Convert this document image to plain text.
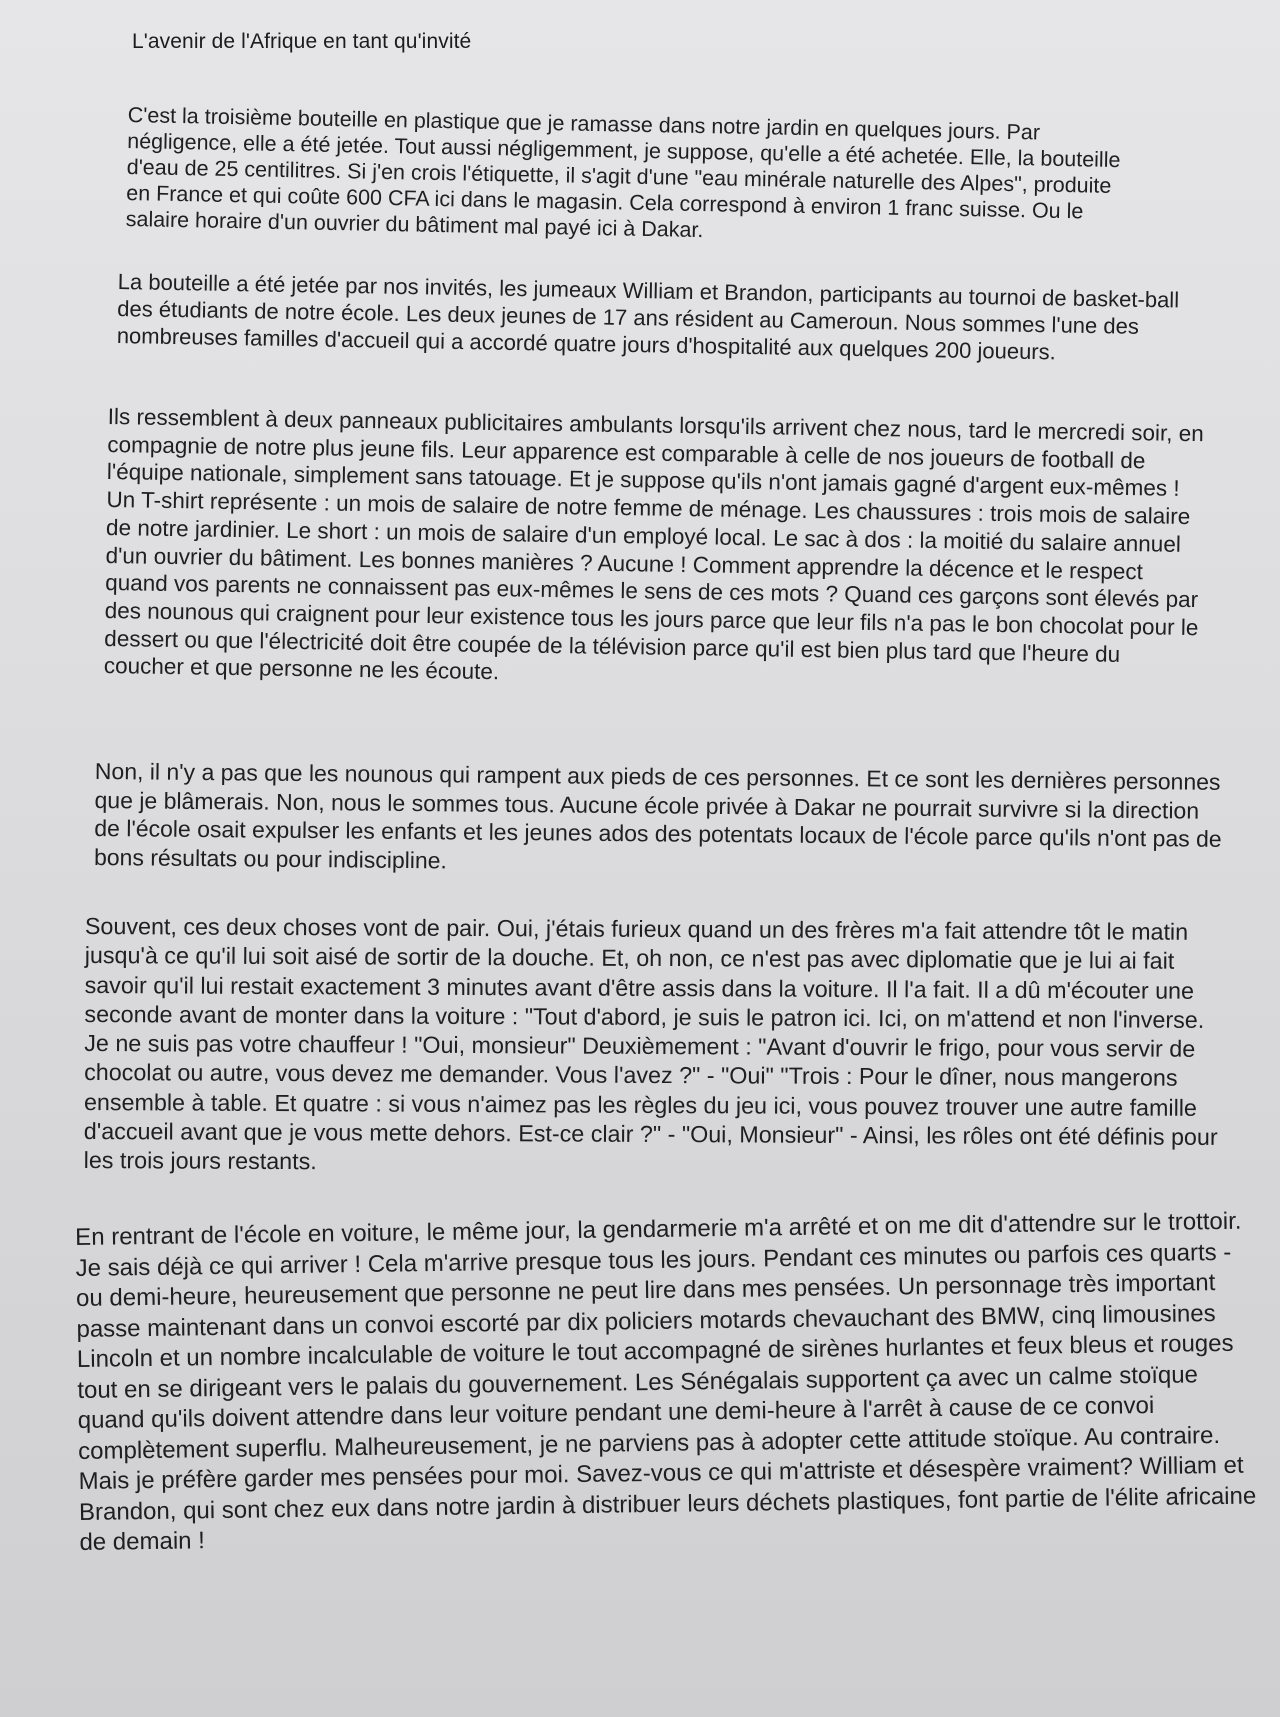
L'avenir de l'Afrique en tant qu'invité

C'est la troisième bouteille en plastique que je ramasse dans notre jardin en quelques jours. Par négligence, elle a été jetée. Tout aussi négligemment, je suppose, qu'elle a été achetée. Elle, la bouteille d'eau de 25 centilitres. Si j'en crois l'étiquette, il s'agit d'une "eau minérale naturelle des Alpes", produite en France et qui coûte 600 CFA ici dans le magasin. Cela correspond à environ 1 franc suisse. Ou le salaire horaire d'un ouvrier du bâtiment mal payé ici à Dakar.

La bouteille a été jetée par nos invités, les jumeaux William et Brandon, participants au tournoi de basket-ball des étudiants de notre école. Les deux jeunes de 17 ans résident au Cameroun. Nous sommes l'une des nombreuses familles d'accueil qui a accordé quatre jours d'hospitalité aux quelques 200 joueurs.

Ils ressemblent à deux panneaux publicitaires ambulants lorsqu'ils arrivent chez nous, tard le mercredi soir, en compagnie de notre plus jeune fils. Leur apparence est comparable à celle de nos joueurs de football de l'équipe nationale, simplement sans tatouage. Et je suppose qu'ils n'ont jamais gagné d'argent eux-mêmes ! Un T-shirt représente : un mois de salaire de notre femme de ménage. Les chaussures : trois mois de salaire de notre jardinier. Le short : un mois de salaire d'un employé local. Le sac à dos : la moitié du salaire annuel d'un ouvrier du bâtiment. Les bonnes manières ? Aucune ! Comment apprendre la décence et le respect quand vos parents ne connaissent pas eux-mêmes le sens de ces mots ? Quand ces garçons sont élevés par des nounous qui craignent pour leur existence tous les jours parce que leur fils n'a pas le bon chocolat pour le dessert ou que l'électricité doit être coupée de la télévision parce qu'il est bien plus tard que l'heure du coucher et que personne ne les écoute.

Non, il n'y a pas que les nounous qui rampent aux pieds de ces personnes. Et ce sont les dernières personnes que je blâmerais. Non, nous le sommes tous. Aucune école privée à Dakar ne pourrait survivre si la direction de l'école osait expulser les enfants et les jeunes ados des potentats locaux de l'école parce qu'ils n'ont pas de bons résultats ou pour indiscipline.

Souvent, ces deux choses vont de pair. Oui, j'étais furieux quand un des frères m'a fait attendre tôt le matin jusqu'à ce qu'il lui soit aisé de sortir de la douche. Et, oh non, ce n'est pas avec diplomatie que je lui ai fait savoir qu'il lui restait exactement 3 minutes avant d'être assis dans la voiture. Il l'a fait. Il a dû m'écouter une seconde avant de monter dans la voiture : "Tout d'abord, je suis le patron ici. Ici, on m'attend et non l'inverse. Je ne suis pas votre chauffeur ! "Oui, monsieur" Deuxièmement : "Avant d'ouvrir le frigo, pour vous servir de chocolat ou autre, vous devez me demander. Vous l'avez ?" - "Oui" "Trois : Pour le dîner, nous mangerons ensemble à table. Et quatre : si vous n'aimez pas les règles du jeu ici, vous pouvez trouver une autre famille d'accueil avant que je vous mette dehors. Est-ce clair ?" - "Oui, Monsieur" - Ainsi, les rôles ont été définis pour les trois jours restants.

En rentrant de l'école en voiture, le même jour, la gendarmerie m'a arrêté et on me dit d'attendre sur le trottoir. Je sais déjà ce qui arriver ! Cela m'arrive presque tous les jours. Pendant ces minutes ou parfois ces quarts - ou demi-heure, heureusement que personne ne peut lire dans mes pensées. Un personnage très important passe maintenant dans un convoi escorté par dix policiers motards chevauchant des BMW, cinq limousines Lincoln et un nombre incalculable de voiture le tout accompagné de sirènes hurlantes et feux bleus et rouges tout en se dirigeant vers le palais du gouvernement. Les Sénégalais supportent ça avec un calme stoïque quand qu'ils doivent attendre dans leur voiture pendant une demi-heure à l'arrêt à cause de ce convoi complètement superflu. Malheureusement, je ne parviens pas à adopter cette attitude stoïque. Au contraire. Mais je préfère garder mes pensées pour moi. Savez-vous ce qui m'attriste et désespère vraiment? William et Brandon, qui sont chez eux dans notre jardin à distribuer leurs déchets plastiques, font partie de l'élite africaine de demain !
